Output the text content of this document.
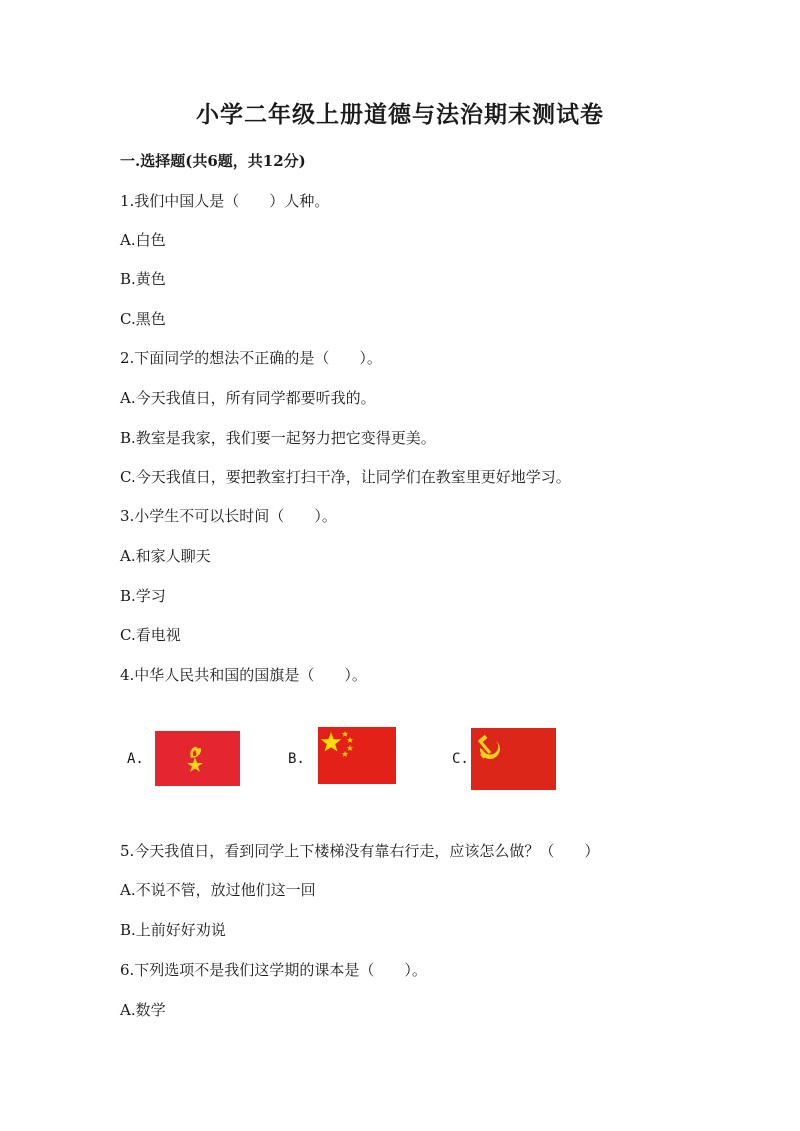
小学二年级上册道德与法治期末测试卷
一.选择题(共6题，共12分)
1.我们中国人是（　　）人种。
A.白色
B.黄色
C.黑色
2.下面同学的想法不正确的是（　　）。
A.今天我值日，所有同学都要听我的。
B.教室是我家，我们要一起努力把它变得更美。
C.今天我值日，要把教室打扫干净，让同学们在教室里更好地学习。
3.小学生不可以长时间（　　）。
A.和家人聊天
B.学习
C.看电视
4.中华人民共和国的国旗是（　　）。
A.	B.	C.
5.今天我值日，看到同学上下楼梯没有靠右行走，应该怎么做？（　　）
A.不说不管，放过他们这一回
B.上前好好劝说
6.下列选项不是我们这学期的课本是（　　）。
A.数学
